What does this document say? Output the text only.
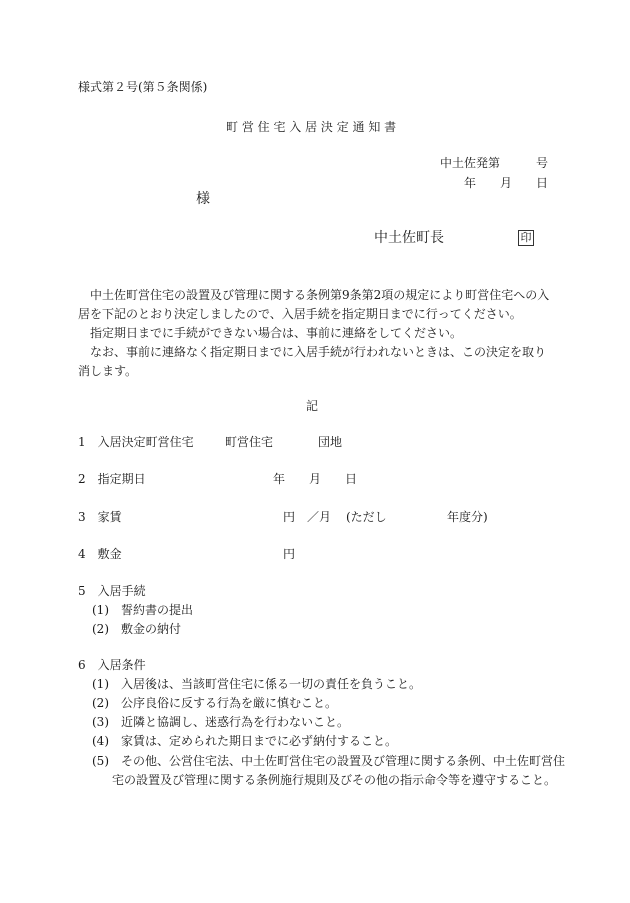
様式第２号(第５条関係)
町 営 住 宅 入 居 決 定 通 知 書
中土佐発第　　　号
年　　月　　日
様
中土佐町長	印
中土佐町営住宅の設置及び管理に関する条例第9条第2項の規定により町営住宅への入居を下記のとおり決定しましたので、入居手続を指定期日までに行ってください。
指定期日までに手続ができない場合は、事前に連絡をしてください。
なお、事前に連絡なく指定期日までに入居手続が行われないときは、この決定を取り消します。
記
1　入居決定町営住宅	町営住宅	団地
2　指定期日	年　　月　　日
3　家賃	円　／月 (ただし	年度分)
4　敷金	円
5　入居手続
(1)　誓約書の提出
(2)　敷金の納付
6　入居条件
(1)　入居後は、当該町営住宅に係る一切の責任を負うこと。
(2)　公序良俗に反する行為を厳に慎むこと。
(3)　近隣と協調し、迷惑行為を行わないこと。
(4)　家賃は、定められた期日までに必ず納付すること。
(5)　その他、公営住宅法、中土佐町営住宅の設置及び管理に関する条例、中土佐町営住宅の設置及び管理に関する条例施行規則及びその他の指示命令等を遵守すること。
